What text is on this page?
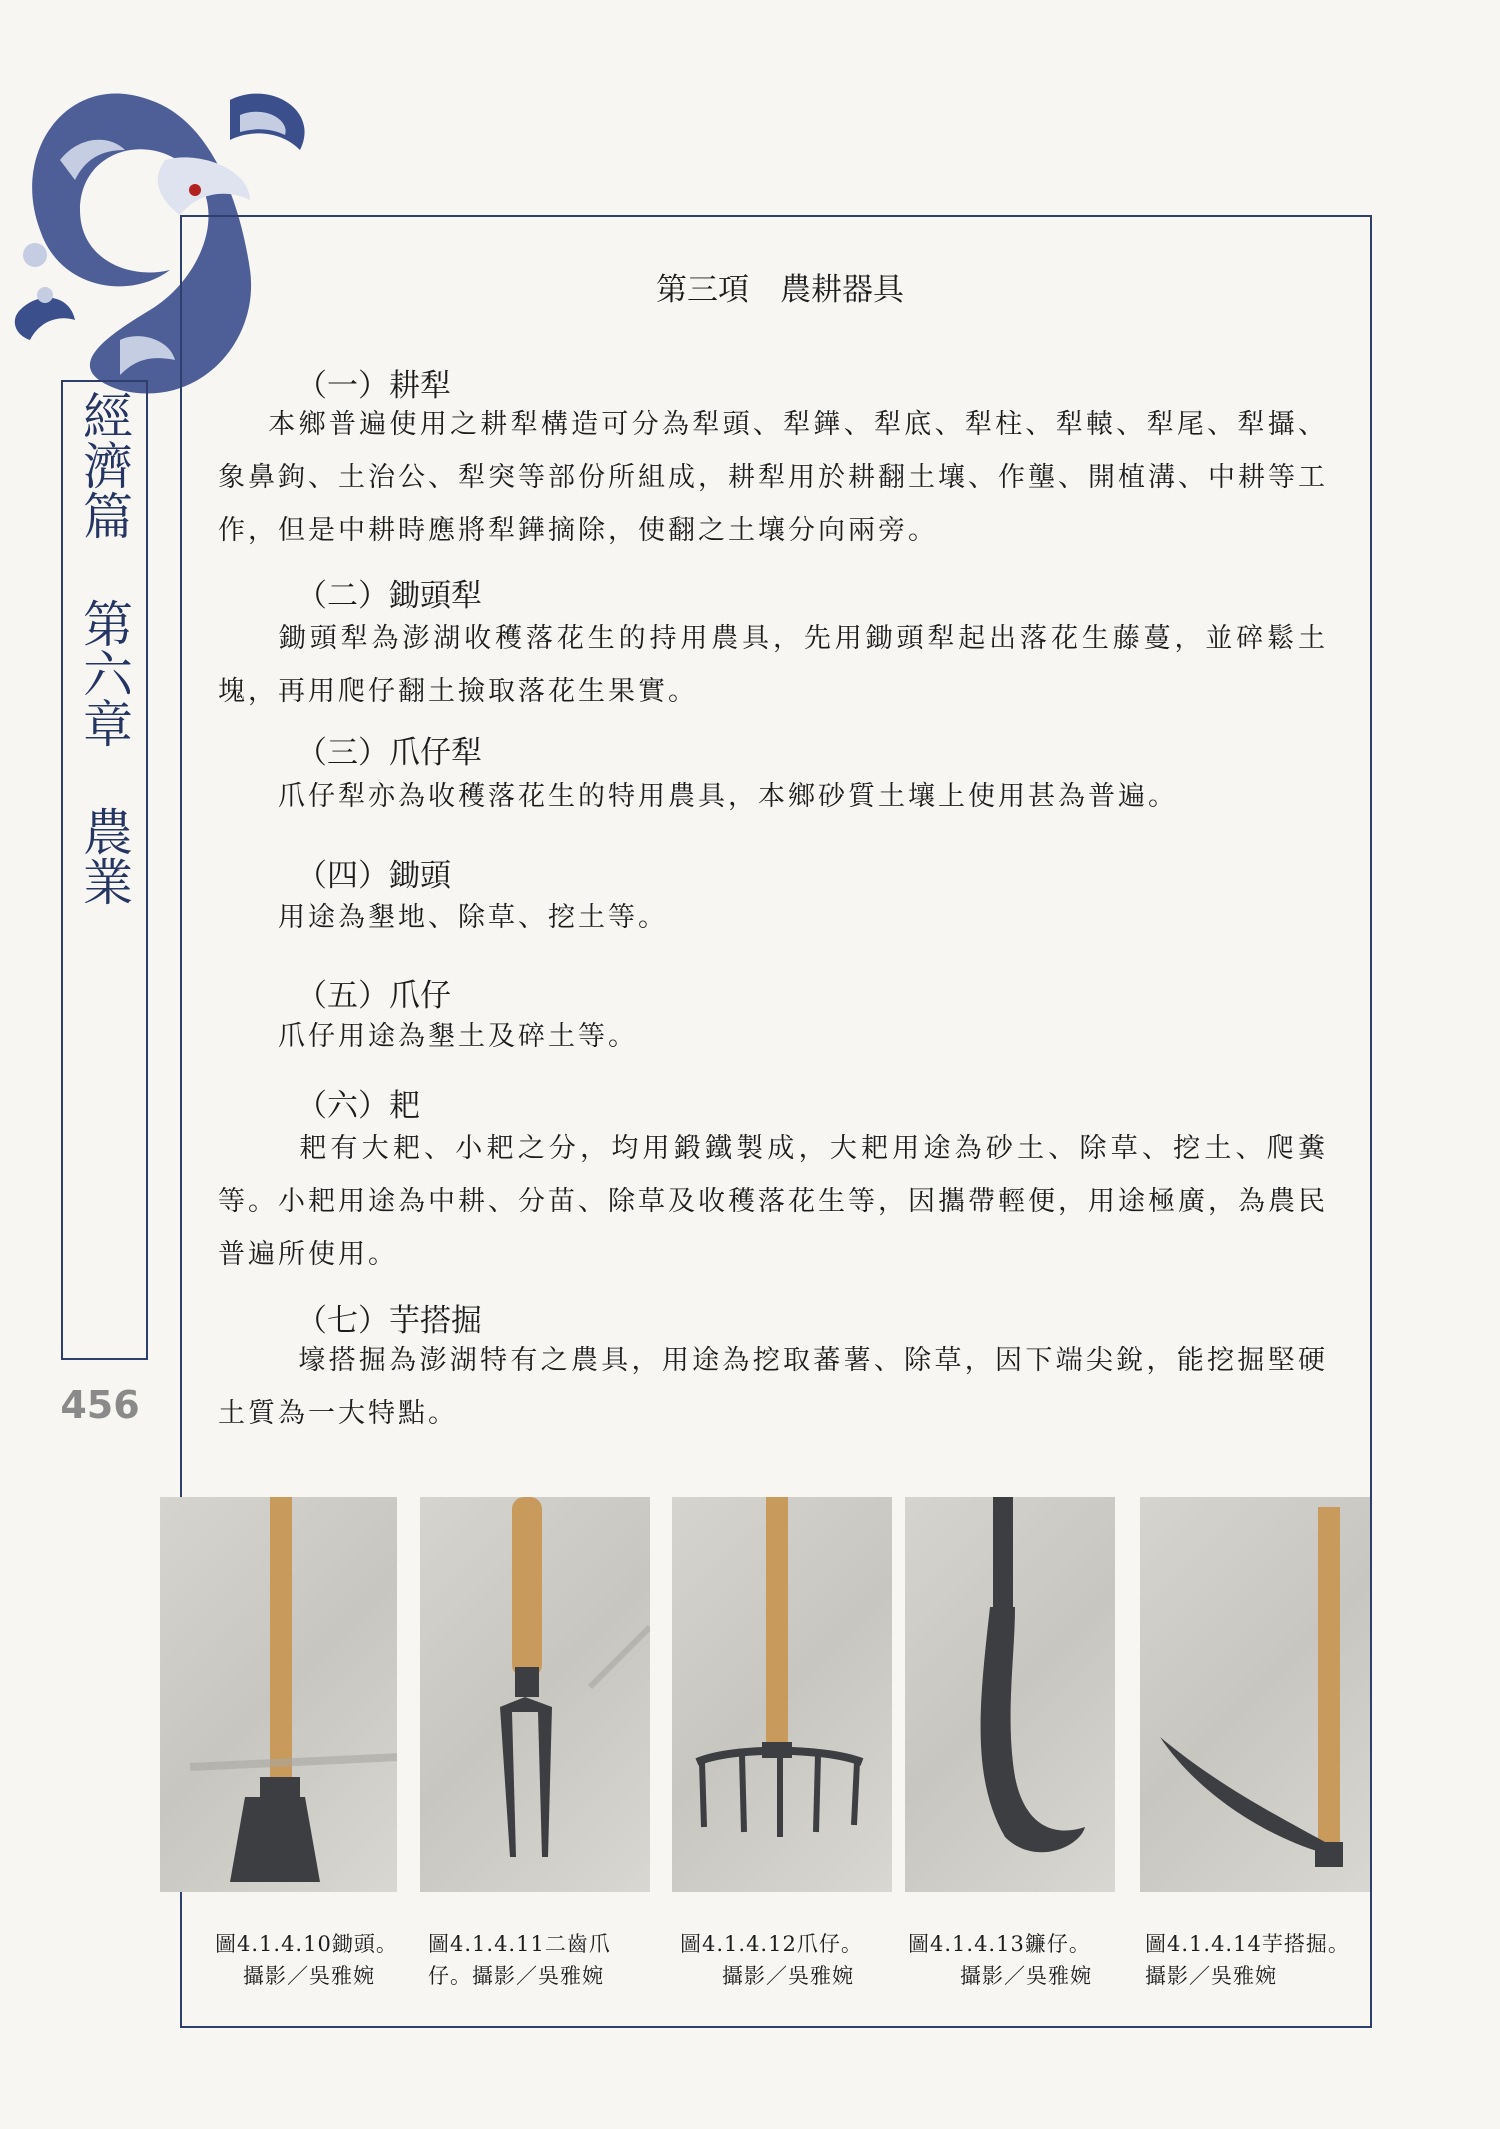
經濟篇 第六章 農業
456
第三項　農耕器具
（一）耕犁
本鄉普遍使用之耕犁構造可分為犁頭、犁鏵、犁底、犁柱、犁轅、犁尾、犁攝、象鼻鉤、土治公、犁突等部份所組成，耕犁用於耕翻土壤、作壟、開植溝、中耕等工作，但是中耕時應將犁鏵摘除，使翻之土壤分向兩旁。
（二）鋤頭犁
鋤頭犁為澎湖收穫落花生的持用農具，先用鋤頭犁起出落花生藤蔓，並碎鬆土塊，再用爬仔翻土撿取落花生果實。
（三）爪仔犁
爪仔犁亦為收穫落花生的特用農具，本鄉砂質土壤上使用甚為普遍。
（四）鋤頭
用途為墾地、除草、挖土等。
（五）爪仔
爪仔用途為墾土及碎土等。
（六）耙
耙有大耙、小耙之分，均用鍛鐵製成，大耙用途為砂土、除草、挖土、爬糞等。小耙用途為中耕、分苗、除草及收穫落花生等，因攜帶輕便，用途極廣，為農民普遍所使用。
（七）芋搭掘
壕搭掘為澎湖特有之農具，用途為挖取蕃薯、除草，因下端尖銳，能挖掘堅硬土質為一大特點。
圖4.1.4.10鋤頭。
攝影／吳雅婉
圖4.1.4.11二齒爪
仔。攝影／吳雅婉
圖4.1.4.12爪仔。
攝影／吳雅婉
圖4.1.4.13鐮仔。
攝影／吳雅婉
圖4.1.4.14芋搭掘。
攝影／吳雅婉
